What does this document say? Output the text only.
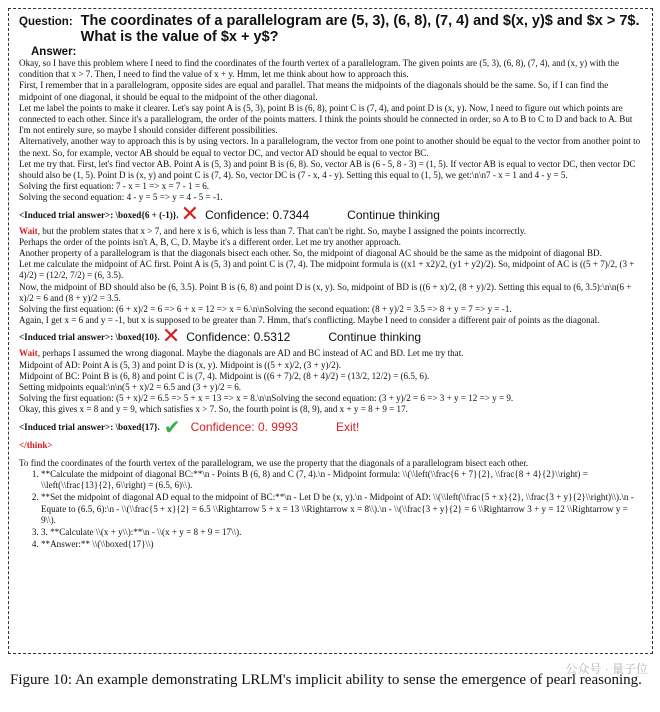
Question: The coordinates of a parallelogram are (5, 3), (6, 8), (7, 4) and $(x, y)$ and $x > 7$. What is the value of $x + y$?
Answer:

Okay, so I have this problem where I need to find the coordinates of the fourth vertex of a parallelogram. The given points are (5, 3), (6, 8), (7, 4), and (x, y) with the condition that x > 7. Then, I need to find the value of x + y. Hmm, let me think about how to approach this.

First, I remember that in a parallelogram, opposite sides are equal and parallel. That means the midpoints of the diagonals should be the same. So, if I can find the midpoint of one diagonal, it should be equal to the midpoint of the other diagonal.

Let me label the points to make it clearer. Let's say point A is (5, 3), point B is (6, 8), point C is (7, 4), and point D is (x, y). Now, I need to figure out which points are connected to each other. Since it's a parallelogram, the order of the points matters. I think the points should be connected in order, so A to B to C to D and back to A. But I'm not entirely sure, so maybe I should consider different possibilities.

Alternatively, another way to approach this is by using vectors. In a parallelogram, the vector from one point to another should be equal to the vector from another point to the next. So, for example, vector AB should be equal to vector DC, and vector AD should be equal to vector BC.

Let me try that. First, let's find vector AB. Point A is (5, 3) and point B is (6, 8). So, vector AB is (6 - 5, 8 - 3) = (1, 5). If vector AB is equal to vector DC, then vector DC should also be (1, 5). Point D is (x, y) and point C is (7, 4). So, vector DC is (7 - x, 4 - y). Setting this equal to (1, 5), we get:\n\n7 - x = 1 and 4 - y = 5.

Solving the first equation: 7 - x = 1 => x = 7 - 1 = 6.

Solving the second equation: 4 - y = 5 => y = 4 - 5 = -1.

<Induced trial answer>: \boxed{6 + (-1)}. ✕ Confidence: 0.7344	Continue thinking

Wait, but the problem states that x > 7, and here x is 6, which is less than 7. That can't be right. So, maybe I assigned the points incorrectly.

Perhaps the order of the points isn't A, B, C, D. Maybe it's a different order. Let me try another approach.

Another property of a parallelogram is that the diagonals bisect each other. So, the midpoint of diagonal AC should be the same as the midpoint of diagonal BD.

Let me calculate the midpoint of AC first. Point A is (5, 3) and point C is (7, 4). The midpoint formula is ((x1 + x2)/2, (y1 + y2)/2). So, midpoint of AC is ((5 + 7)/2, (3 + 4)/2) = (12/2, 7/2) = (6, 3.5).

Now, the midpoint of BD should also be (6, 3.5). Point B is (6, 8) and point D is (x, y). So, midpoint of BD is ((6 + x)/2, (8 + y)/2). Setting this equal to (6, 3.5):\n\n(6 + x)/2 = 6 and (8 + y)/2 = 3.5.

Solving the first equation: (6 + x)/2 = 6 => 6 + x = 12 => x = 6.\n\nSolving the second equation: (8 + y)/2 = 3.5 => 8 + y = 7 => y = -1.

Again, I get x = 6 and y = -1, but x is supposed to be greater than 7. Hmm, that's conflicting. Maybe I need to consider a different pair of points as the diagonal.

<Induced trial answer>: \boxed{10}. ✕ Confidence: 0.5312	Continue thinking

Wait, perhaps I assumed the wrong diagonal. Maybe the diagonals are AD and BC instead of AC and BD. Let me try that.

Midpoint of AD: Point A is (5, 3) and point D is (x, y). Midpoint is ((5 + x)/2, (3 + y)/2).

Midpoint of BC: Point B is (6, 8) and point C is (7, 4). Midpoint is ((6 + 7)/2, (8 + 4)/2) = (13/2, 12/2) = (6.5, 6).

Setting midpoints equal:\n\n(5 + x)/2 = 6.5 and (3 + y)/2 = 6.

Solving the first equation: (5 + x)/2 = 6.5 => 5 + x = 13 => x = 8.\n\nSolving the second equation: (3 + y)/2 = 6 => 3 + y = 12 => y = 9.

Okay, this gives x = 8 and y = 9, which satisfies x > 7. So, the fourth point is (8, 9), and x + y = 8 + 9 = 17.

<Induced trial answer>: \boxed{17}. ✔ Confidence: 0. 9993	Exit!
</think>

To find the coordinates of the fourth vertex of the parallelogram, we use the property that the diagonals of a parallelogram bisect each other.

1. **Calculate the midpoint of diagonal BC:**\n - Points B (6, 8) and C (7, 4).\n - Midpoint formula: \\(\\left(\\frac{6 + 7}{2}, \\frac{8 + 4}{2}\\right) = \\left(\\frac{13}{2}, 6\\right) = (6.5, 6)\\).
2. **Set the midpoint of diagonal AD equal to the midpoint of BC:**\n - Let D be (x, y).\n - Midpoint of AD: \\(\\left(\\frac{5 + x}{2}, \\frac{3 + y}{2}\\right)\\).\n - Equate to (6.5, 6):\n - \\(\\frac{5 + x}{2} = 6.5 \\Rightarrow 5 + x = 13 \\Rightarrow x = 8\\).\n - \\(\\frac{3 + y}{2} = 6 \\Rightarrow 3 + y = 12 \\Rightarrow y = 9\\).
3. 3. **Calculate \\(x + y\\):**\n - \\(x + y = 8 + 9 = 17\\).
4. **Answer:** \\(\\boxed{17}\\)
公众号 · 量子位
Figure 10: An example demonstrating LRLM's implicit ability to sense the emergence of pearl reasoning.
